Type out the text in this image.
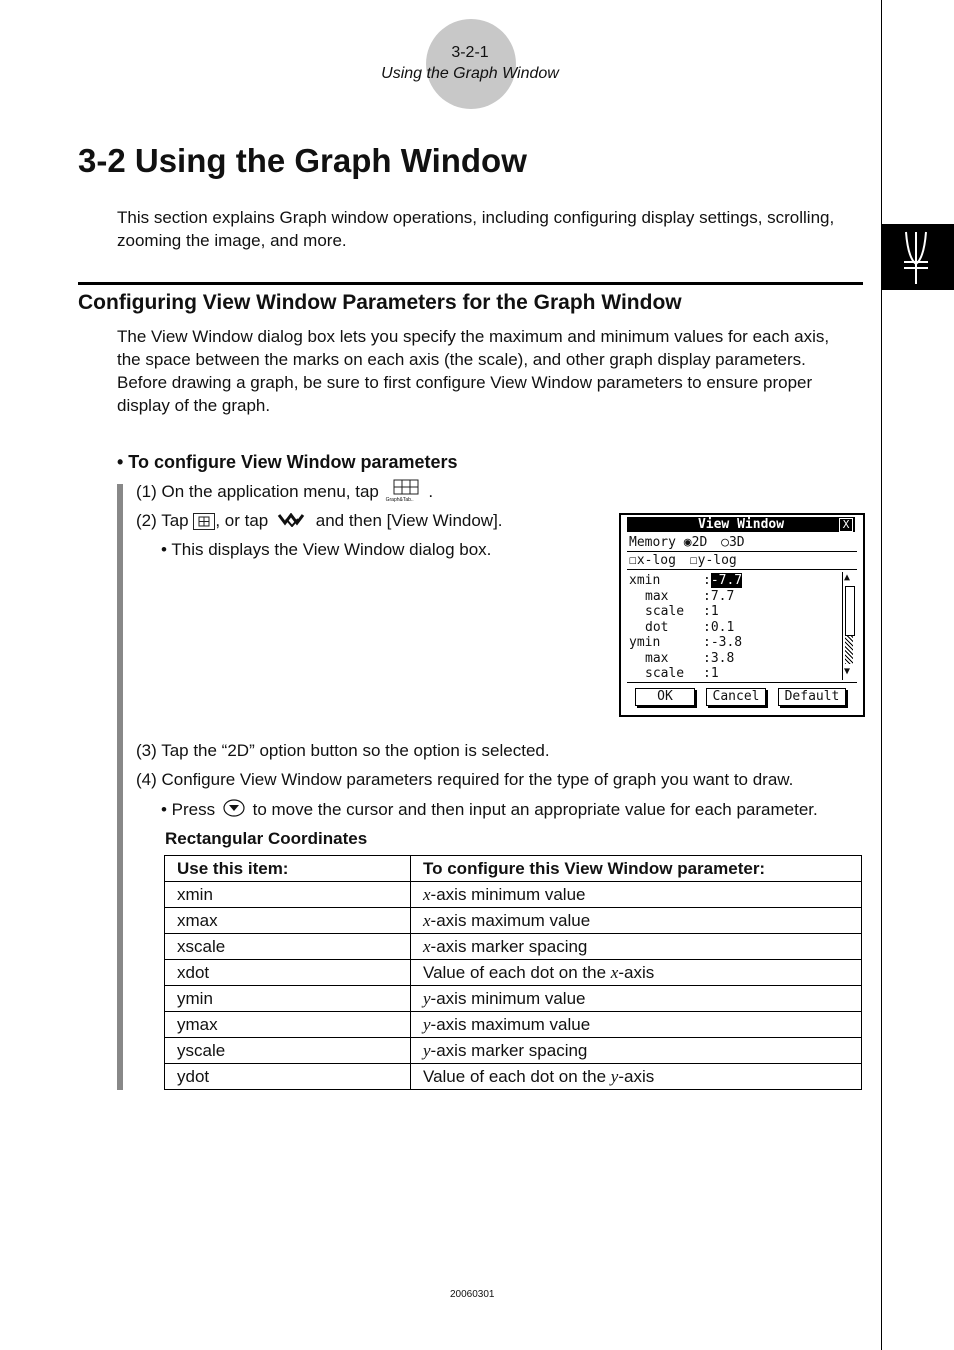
3-2-1
Using the Graph Window
3-2 Using the Graph Window
This section explains Graph window operations, including configuring display settings, scrolling, zooming the image, and more.
Configuring View Window Parameters for the Graph Window
The View Window dialog box lets you specify the maximum and minimum values for each axis, the space between the marks on each axis (the scale), and other graph display parameters. Before drawing a graph, be sure to first configure View Window parameters to ensure proper display of the graph.
• To configure View Window parameters
(1) On the application menu, tap Graph&Tab.. .
(2) Tap , or tap	and then [View Window].
• This displays the View Window dialog box.
View Window	X
Memory ◉2D ○3D
☐x-log ☐y-log
xmin	:-7.7
max	:7.7
scale :1
dot	:0.1
ymin	:-3.8
max	:3.8
scale :1
▲
▼
OK	Cancel	Default
(3) Tap the “2D” option button so the option is selected.
(4) Configure View Window parameters required for the type of graph you want to draw.
• Press to move the cursor and then input an appropriate value for each parameter.
Rectangular Coordinates
Use this item:	To configure this View Window parameter:
xmin	x-axis minimum value
xmax	x-axis maximum value
xscale	x-axis marker spacing
xdot	Value of each dot on the x-axis
ymin	y-axis minimum value
ymax	y-axis maximum value
yscale	y-axis marker spacing
ydot	Value of each dot on the y-axis
20060301
